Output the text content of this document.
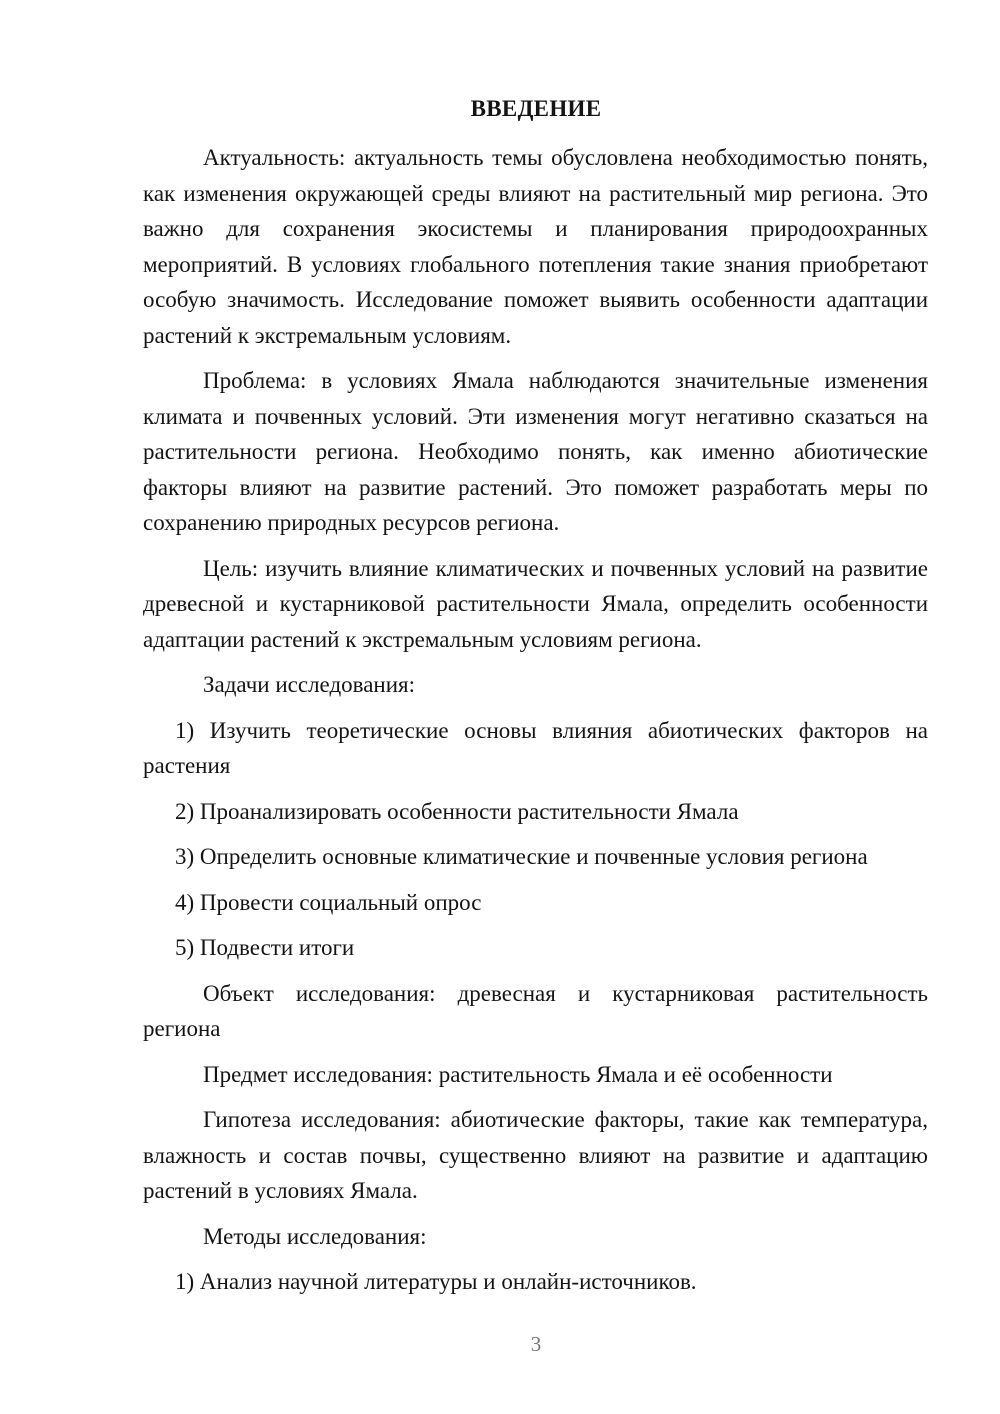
ВВЕДЕНИЕ

Актуальность: актуальность темы обусловлена необходимостью понять, как изменения окружающей среды влияют на растительный мир региона. Это важно для сохранения экосистемы и планирования природоохранных мероприятий. В условиях глобального потепления такие знания приобретают особую значимость. Исследование поможет выявить особенности адаптации растений к экстремальным условиям.

Проблема: в условиях Ямала наблюдаются значительные изменения климата и почвенных условий. Эти изменения могут негативно сказаться на растительности региона. Необходимо понять, как именно абиотические факторы влияют на развитие растений. Это поможет разработать меры по сохранению природных ресурсов региона.

Цель: изучить влияние климатических и почвенных условий на развитие древесной и кустарниковой растительности Ямала, определить особенности адаптации растений к экстремальным условиям региона.

Задачи исследования:

1) Изучить теоретические основы влияния абиотических факторов на растения

2) Проанализировать особенности растительности Ямала

3) Определить основные климатические и почвенные условия региона

4) Провести социальный опрос

5) Подвести итоги

Объект исследования: древесная и кустарниковая растительность региона

Предмет исследования: растительность Ямала и её особенности

Гипотеза исследования: абиотические факторы, такие как температура, влажность и состав почвы, существенно влияют на развитие и адаптацию растений в условиях Ямала.

Методы исследования:

1) Анализ научной литературы и онлайн-источников.

3
